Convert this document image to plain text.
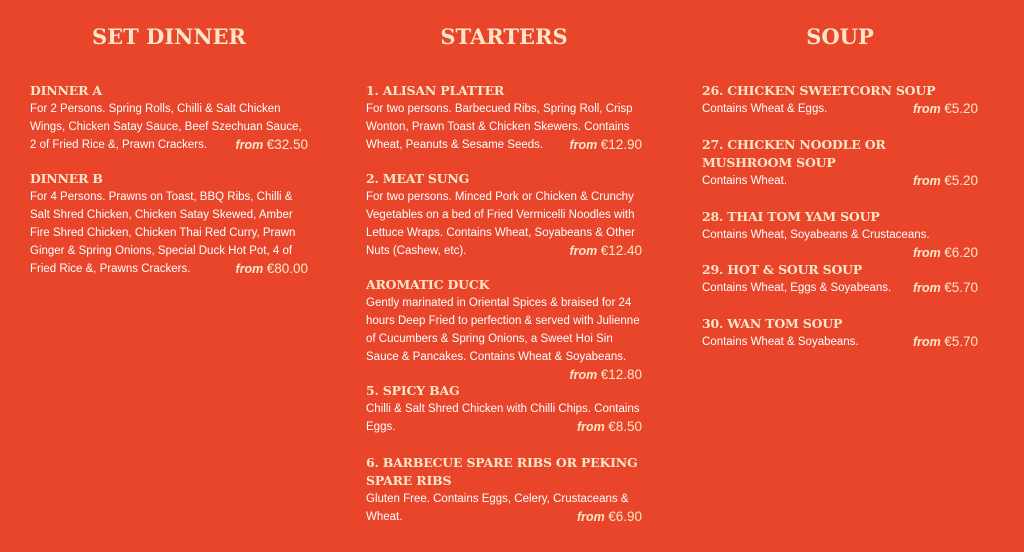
SET DINNER
DINNER A
For 2 Persons. Spring Rolls, Chilli & Salt Chicken Wings, Chicken Satay Sauce, Beef Szechuan Sauce, 2 of Fried Rice &, Prawn Crackers. from €32.50
DINNER B
For 4 Persons. Prawns on Toast, BBQ Ribs, Chilli & Salt Shred Chicken, Chicken Satay Skewed, Amber Fire Shred Chicken, Chicken Thai Red Curry, Prawn Ginger & Spring Onions, Special Duck Hot Pot, 4 of Fried Rice &, Prawns Crackers.	from €80.00
STARTERS
1. ALISAN PLATTER
For two persons. Barbecued Ribs, Spring Roll, Crisp Wonton, Prawn Toast & Chicken Skewers. Contains Wheat, Peanuts & Sesame Seeds. from €12.90
2. MEAT SUNG
For two persons. Minced Pork or Chicken & Crunchy Vegetables on a bed of Fried Vermicelli Noodles with Lettuce Wraps. Contains Wheat, Soyabeans & Other Nuts (Cashew, etc).	from €12.40
AROMATIC DUCK
Gently marinated in Oriental Spices & braised for 24 hours Deep Fried to perfection & served with Julienne of Cucumbers & Spring Onions, a Sweet Hoi Sin Sauce & Pancakes. Contains Wheat & Soyabeans.
from €12.80
5. SPICY BAG
Chilli & Salt Shred Chicken with Chilli Chips. Contains Eggs.	from €8.50
6. BARBECUE SPARE RIBS OR PEKING SPARE RIBS
Gluten Free. Contains Eggs, Celery, Crustaceans & Wheat.	from €6.90
SOUP
26. CHICKEN SWEETCORN SOUP
Contains Wheat & Eggs.	from €5.20
27. CHICKEN NOODLE OR MUSHROOM SOUP
Contains Wheat.	from €5.20
28. THAI TOM YAM SOUP
Contains Wheat, Soyabeans & Crustaceans.
from €6.20
29. HOT & SOUR SOUP
Contains Wheat, Eggs & Soyabeans. from €5.70
30. WAN TOM SOUP
Contains Wheat & Soyabeans.	from €5.70
